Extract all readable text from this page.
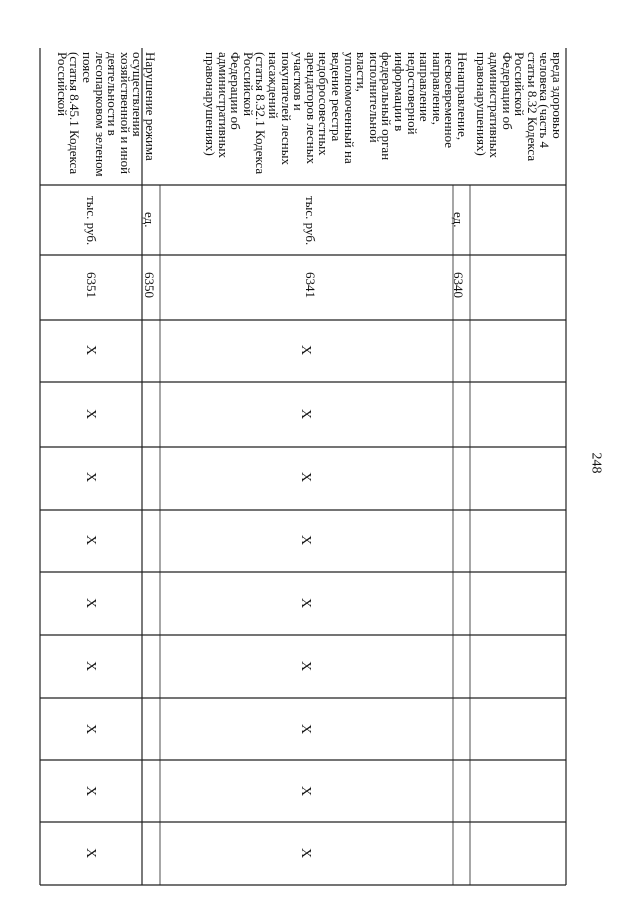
248
вреда здоровью
человека (часть 4
статьи 8.32 Кодекса
Российской
Федерации об
административных
правонарушениях)
Ненаправление,
несвоевременное
направление,
направление
недостоверной
информации в
федеральный орган
исполнительной
власти,
уполномоченный на
ведение реестра
недобросовестных
арендаторов лесных
участков и
покупателей лесных
насаждений
(статья 8.32.1 Кодекса
Российской
Федерации об
административных
правонарушениях)
Нарушение режима
осуществления
хозяйственной и иной
деятельности в
лесопарковом зеленом
поясе
(статья 8.45.1 Кодекса
Российской
ед.
тыс. руб.
ед.
тыс. руб.
6340
6341
6350
6351
X
X
X
X
X
X
X
X
X
X
X
X
X
X
X
X
X
X
